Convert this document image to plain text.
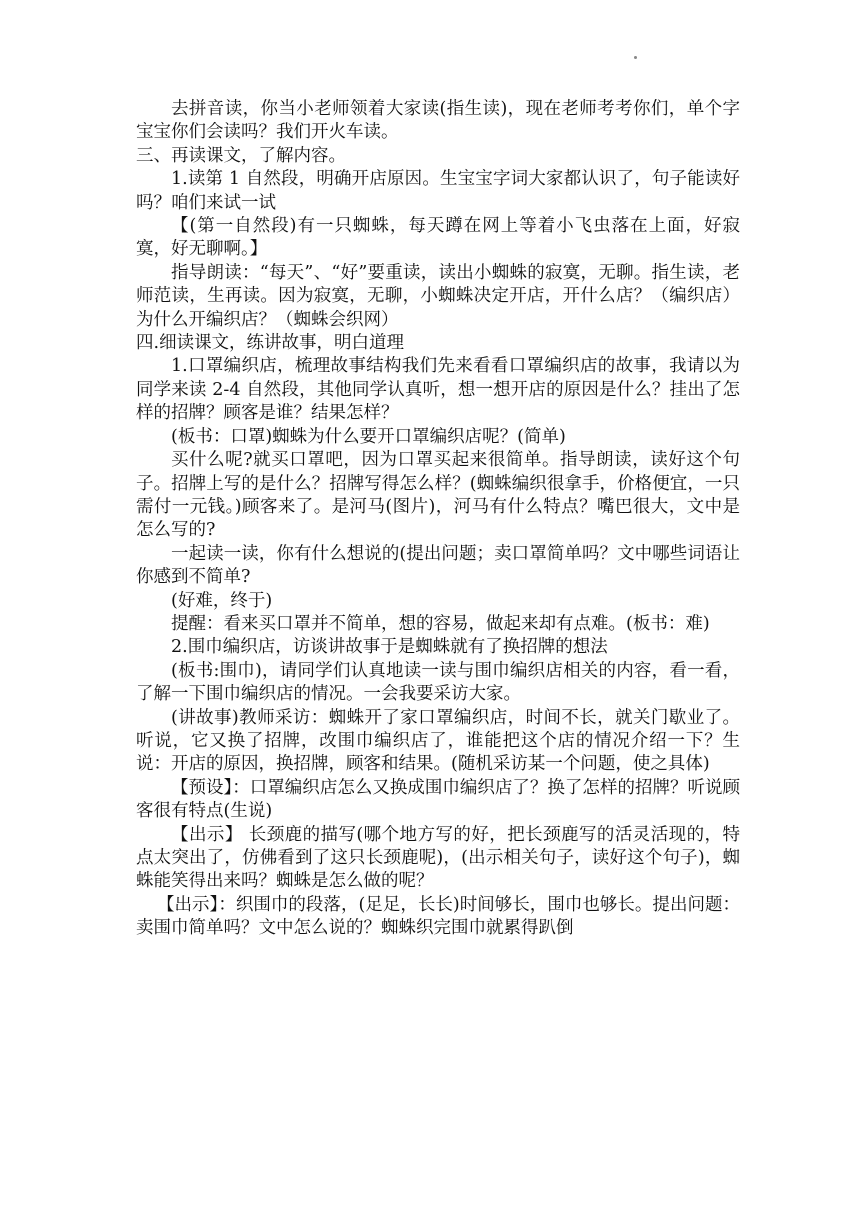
去拼音读，你当小老师领着大家读(指生读)，现在老师考考你们，单个字宝宝你们会读吗？我们开火车读。

三、再读课文，了解内容。

1.读第 1 自然段，明确开店原因。生宝宝字词大家都认识了，句子能读好吗？咱们来试一试

【(第一自然段)有一只蜘蛛，每天蹲在网上等着小飞虫落在上面，好寂寞，好无聊啊。】

指导朗读：“每天”、“好”要重读，读出小蜘蛛的寂寞，无聊。指生读，老师范读，生再读。因为寂寞，无聊，小蜘蛛决定开店，开什么店？（编织店）为什么开编织店？（蜘蛛会织网）

四.细读课文，练讲故事，明白道理

1.口罩编织店，梳理故事结构我们先来看看口罩编织店的故事，我请以为同学来读 2-4 自然段，其他同学认真听，想一想开店的原因是什么？挂出了怎样的招牌？顾客是谁？结果怎样？

(板书：口罩)蜘蛛为什么要开口罩编织店呢？(简单)

买什么呢?就买口罩吧，因为口罩买起来很简单。指导朗读，读好这个句子。招牌上写的是什么？招牌写得怎么样？(蜘蛛编织很拿手，价格便宜，一只需付一元钱。)顾客来了。是河马(图片)，河马有什么特点？嘴巴很大，文中是怎么写的?

一起读一读，你有什么想说的(提出问题；卖口罩简单吗？文中哪些词语让你感到不简单?

(好难，终于)

提醒：看来买口罩并不简单，想的容易，做起来却有点难。(板书：难)

2.围巾编织店，访谈讲故事于是蜘蛛就有了换招牌的想法

(板书:围巾)，请同学们认真地读一读与围巾编织店相关的内容，看一看，了解一下围巾编织店的情况。一会我要采访大家。

(讲故事)教师采访：蜘蛛开了家口罩编织店，时间不长，就关门歇业了。听说，它又换了招牌，改围巾编织店了，谁能把这个店的情况介绍一下？生说：开店的原因，换招牌，顾客和结果。(随机采访某一个问题，使之具体)

【预设】：口罩编织店怎么又换成围巾编织店了？换了怎样的招牌？听说顾客很有特点(生说)

【出示】 长颈鹿的描写(哪个地方写的好，把长颈鹿写的活灵活现的，特点太突出了，仿佛看到了这只长颈鹿呢)，(出示相关句子，读好这个句子)，蜘蛛能笑得出来吗？蜘蛛是怎么做的呢？

【出示】：织围巾的段落，(足足，长长)时间够长，围巾也够长。提出问题：卖围巾简单吗？文中怎么说的？蜘蛛织完围巾就累得趴倒
